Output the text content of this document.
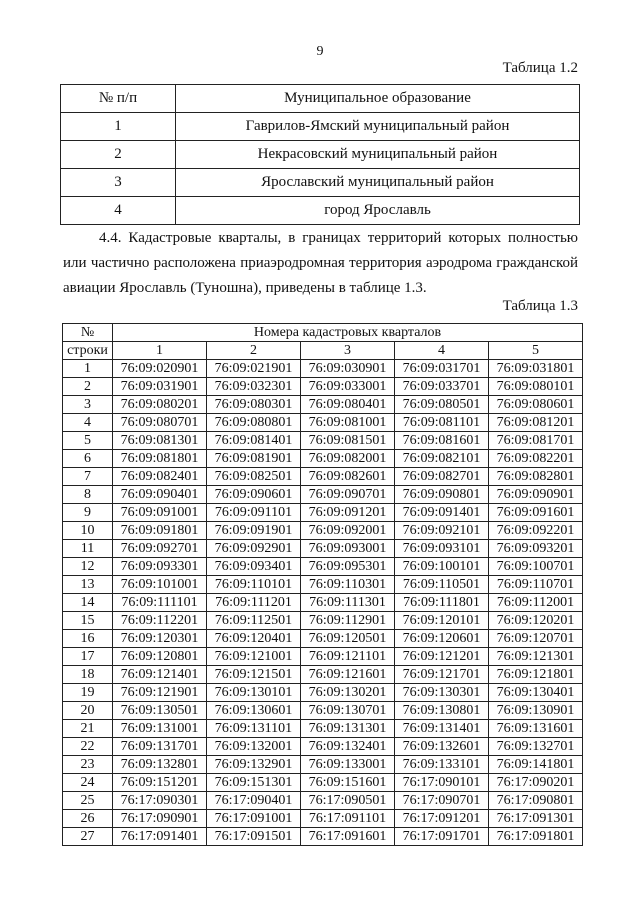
9
Таблица 1.2
№ п/п	Муниципальное образование
1	Гаврилов-Ямский муниципальный район
2	Некрасовский муниципальный район
3	Ярославский муниципальный район
4	город Ярославль
4.4. Кадастровые кварталы, в границах территорий которых полностью или частично расположена приаэродромная территория аэродрома гражданской авиации Ярославль (Туношна), приведены в таблице 1.3.
Таблица 1.3
№	Номера кадастровых кварталов				
строки	1	2	3	4	5
1	76:09:020901	76:09:021901	76:09:030901	76:09:031701	76:09:031801
2	76:09:031901	76:09:032301	76:09:033001	76:09:033701	76:09:080101
3	76:09:080201	76:09:080301	76:09:080401	76:09:080501	76:09:080601
4	76:09:080701	76:09:080801	76:09:081001	76:09:081101	76:09:081201
5	76:09:081301	76:09:081401	76:09:081501	76:09:081601	76:09:081701
6	76:09:081801	76:09:081901	76:09:082001	76:09:082101	76:09:082201
7	76:09:082401	76:09:082501	76:09:082601	76:09:082701	76:09:082801
8	76:09:090401	76:09:090601	76:09:090701	76:09:090801	76:09:090901
9	76:09:091001	76:09:091101	76:09:091201	76:09:091401	76:09:091601
10	76:09:091801	76:09:091901	76:09:092001	76:09:092101	76:09:092201
11	76:09:092701	76:09:092901	76:09:093001	76:09:093101	76:09:093201
12	76:09:093301	76:09:093401	76:09:095301	76:09:100101	76:09:100701
13	76:09:101001	76:09:110101	76:09:110301	76:09:110501	76:09:110701
14	76:09:111101	76:09:111201	76:09:111301	76:09:111801	76:09:112001
15	76:09:112201	76:09:112501	76:09:112901	76:09:120101	76:09:120201
16	76:09:120301	76:09:120401	76:09:120501	76:09:120601	76:09:120701
17	76:09:120801	76:09:121001	76:09:121101	76:09:121201	76:09:121301
18	76:09:121401	76:09:121501	76:09:121601	76:09:121701	76:09:121801
19	76:09:121901	76:09:130101	76:09:130201	76:09:130301	76:09:130401
20	76:09:130501	76:09:130601	76:09:130701	76:09:130801	76:09:130901
21	76:09:131001	76:09:131101	76:09:131301	76:09:131401	76:09:131601
22	76:09:131701	76:09:132001	76:09:132401	76:09:132601	76:09:132701
23	76:09:132801	76:09:132901	76:09:133001	76:09:133101	76:09:141801
24	76:09:151201	76:09:151301	76:09:151601	76:17:090101	76:17:090201
25	76:17:090301	76:17:090401	76:17:090501	76:17:090701	76:17:090801
26	76:17:090901	76:17:091001	76:17:091101	76:17:091201	76:17:091301
27	76:17:091401	76:17:091501	76:17:091601	76:17:091701	76:17:091801
